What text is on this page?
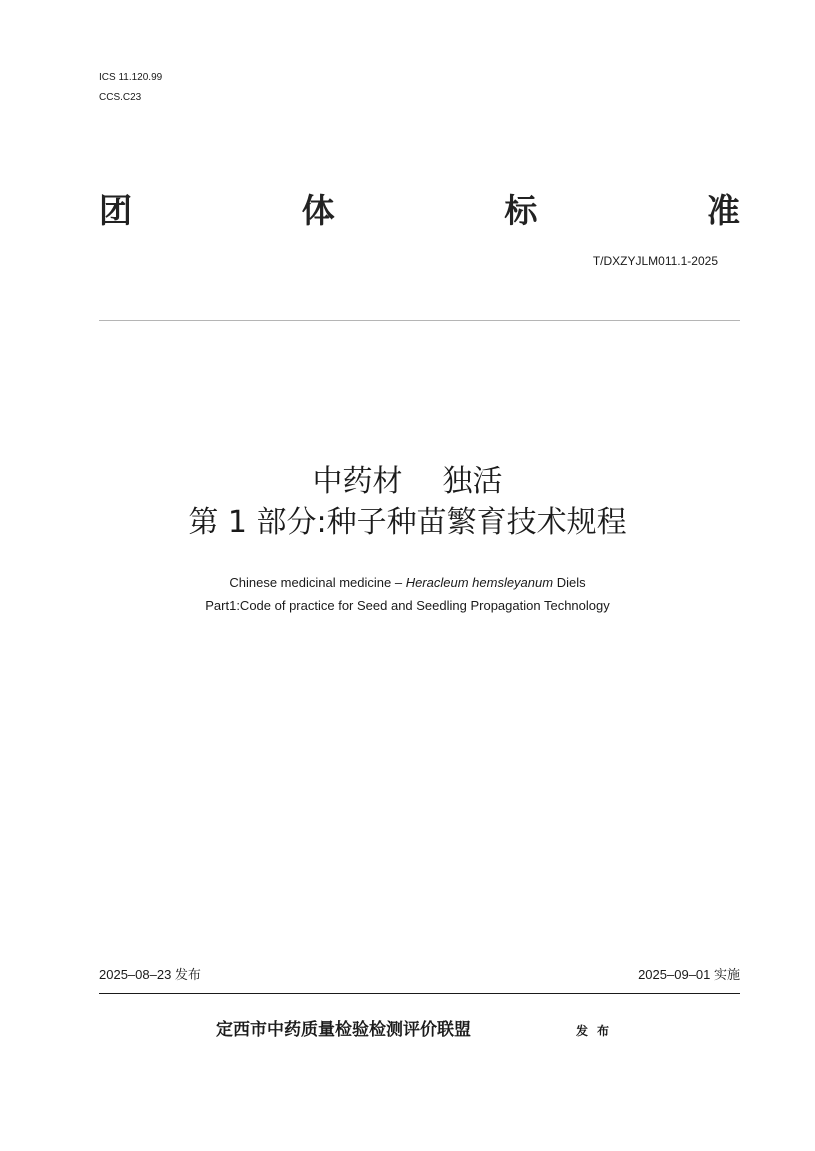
ICS 11.120.99
CCS.C23
团	体	标	准
T/DXZYJLM011.1-2025
中药材 独活
第 1 部分:种子种苗繁育技术规程
Chinese medicinal medicine – Heracleum hemsleyanum Diels
Part1:Code of practice for Seed and Seedling Propagation Technology
2025–08–23 发布	2025–09–01 实施
定西市中药质量检验检测评价联盟	发布
